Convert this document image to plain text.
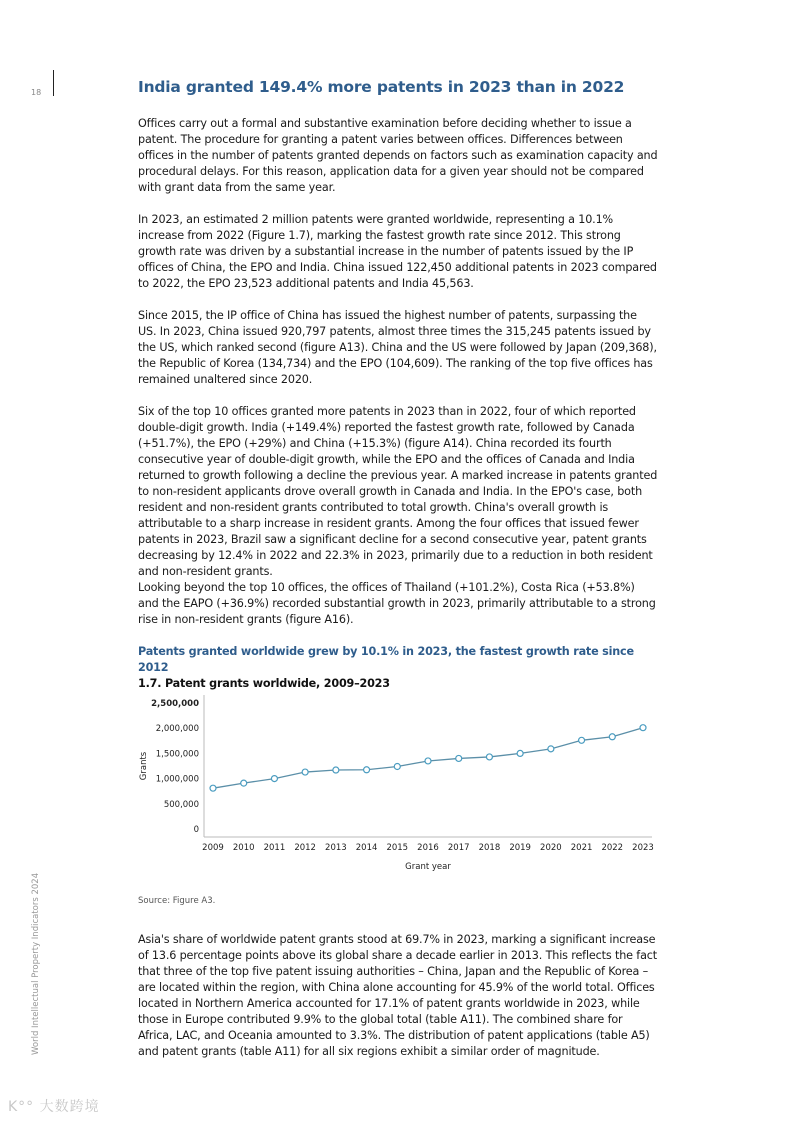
18
World Intellectual Property Indicators 2024
K°° 大数跨境
India granted 149.4% more patents in 2023 than in 2022

Offices carry out a formal and substantive examination before deciding whether to issue a patent. The procedure for granting a patent varies between offices. Differences between offices in the number of patents granted depends on factors such as examination capacity and procedural delays. For this reason, application data for a given year should not be compared with grant data from the same year.

In 2023, an estimated 2 million patents were granted worldwide, representing a 10.1% increase from 2022 (Figure 1.7), marking the fastest growth rate since 2012. This strong growth rate was driven by a substantial increase in the number of patents issued by the IP offices of China, the EPO and India. China issued 122,450 additional patents in 2023 compared to 2022, the EPO 23,523 additional patents and India 45,563.

Since 2015, the IP office of China has issued the highest number of patents, surpassing the US. In 2023, China issued 920,797 patents, almost three times the 315,245 patents issued by the US, which ranked second (figure A13). China and the US were followed by Japan (209,368), the Republic of Korea (134,734) and the EPO (104,609). The ranking of the top five offices has remained unaltered since 2020.

Six of the top 10 offices granted more patents in 2023 than in 2022, four of which reported double-digit growth. India (+149.4%) reported the fastest growth rate, followed by Canada (+51.7%), the EPO (+29%) and China (+15.3%) (figure A14). China recorded its fourth consecutive year of double-digit growth, while the EPO and the offices of Canada and India returned to growth following a decline the previous year. A marked increase in patents granted to non-resident applicants drove overall growth in Canada and India. In the EPO's case, both resident and non-resident grants contributed to total growth. China's overall growth is attributable to a sharp increase in resident grants. Among the four offices that issued fewer patents in 2023, Brazil saw a significant decline for a second consecutive year, patent grants decreasing by 12.4% in 2022 and 22.3% in 2023, primarily due to a reduction in both resident and non-resident grants.

Looking beyond the top 10 offices, the offices of Thailand (+101.2%), Costa Rica (+53.8%) and the EAPO (+36.9%) recorded substantial growth in 2023, primarily attributable to a strong rise in non-resident grants (figure A16).

Patents granted worldwide grew by 10.1% in 2023, the fastest growth rate since 2012
1.7. Patent grants worldwide, 2009–2023
0
500,000
1,000,000
1,500,000
2,000,000
2,500,000
Grants
2009 2010 2011 2012 2013 2014 2015 2016 2017 2018 2019 2020 2021 2022 2023
Grant year
Source: Figure A3.

Asia's share of worldwide patent grants stood at 69.7% in 2023, marking a significant increase of 13.6 percentage points above its global share a decade earlier in 2013. This reflects the fact that three of the top five patent issuing authorities – China, Japan and the Republic of Korea – are located within the region, with China alone accounting for 45.9% of the world total. Offices located in Northern America accounted for 17.1% of patent grants worldwide in 2023, while those in Europe contributed 9.9% to the global total (table A11). The combined share for Africa, LAC, and Oceania amounted to 3.3%. The distribution of patent applications (table A5) and patent grants (table A11) for all six regions exhibit a similar order of magnitude.
